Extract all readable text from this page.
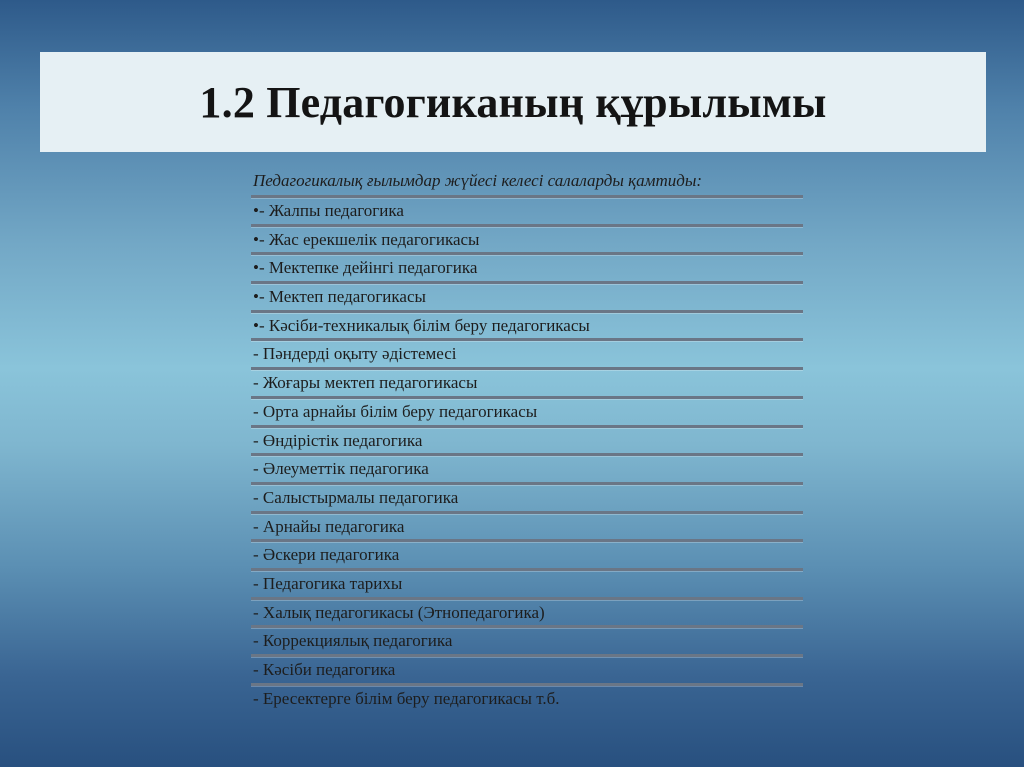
1.2 Педагогиканың құрылымы
Педагогикалық ғылымдар жүйесі келесі салаларды қамтиды:
•- Жалпы педагогика
•- Жас ерекшелік педагогикасы
•- Мектепке дейінгі педагогика
•- Мектеп педагогикасы
•- Кәсіби-техникалық білім беру педагогикасы
- Пәндерді оқыту әдістемесі
- Жоғары мектеп педагогикасы
- Орта арнайы білім беру педагогикасы
- Өндірістік педагогика
- Әлеуметтік педагогика
- Салыстырмалы педагогика
- Арнайы педагогика
- Әскери педагогика
- Педагогика тарихы
- Халық педагогикасы (Этнопедагогика)
- Коррекциялық педагогика
- Кәсіби педагогика
- Ересектерге білім беру педагогикасы т.б.
